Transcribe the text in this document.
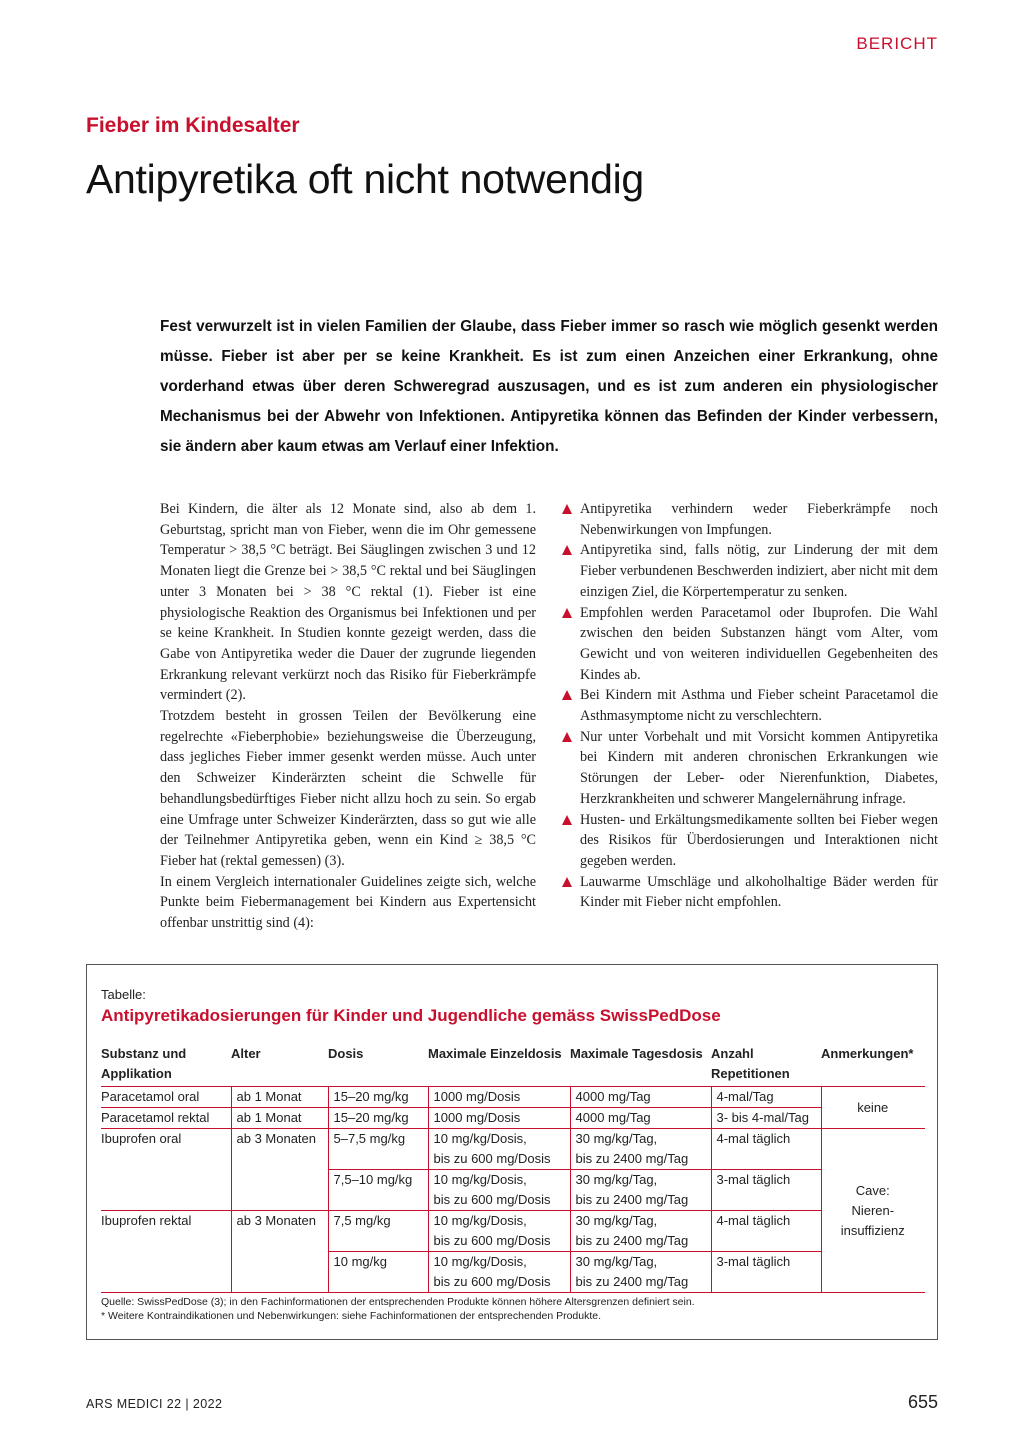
BERICHT
Fieber im Kindesalter
Antipyretika oft nicht notwendig

Fest verwurzelt ist in vielen Familien der Glaube, dass Fieber immer so rasch wie möglich gesenkt werden müsse. Fieber ist aber per se keine Krankheit. Es ist zum einen Anzeichen einer Erkrankung, ohne vorderhand etwas über deren Schweregrad auszusagen, und es ist zum anderen ein physiologischer Mechanismus bei der Abwehr von Infektionen. Antipyretika können das Befinden der Kinder verbessern, sie ändern aber kaum etwas am Verlauf einer Infektion.

Bei Kindern, die älter als 12 Monate sind, also ab dem 1. Geburtstag, spricht man von Fieber, wenn die im Ohr gemessene Temperatur > 38,5 °C beträgt. Bei Säuglingen zwischen 3 und 12 Monaten liegt die Grenze bei > 38,5 °C rektal und bei Säuglingen unter 3 Monaten bei > 38 °C rektal (1). Fieber ist eine physiologische Reaktion des Organismus bei Infektionen und per se keine Krankheit. In Studien konnte gezeigt werden, dass die Gabe von Antipyretika weder die Dauer der zugrunde liegenden Erkrankung relevant verkürzt noch das Risiko für Fieberkrämpfe vermindert (2).

Trotzdem besteht in grossen Teilen der Bevölkerung eine regelrechte «Fieberphobie» beziehungsweise die Überzeugung, dass jegliches Fieber immer gesenkt werden müsse. Auch unter den Schweizer Kinderärzten scheint die Schwelle für behandlungsbedürftiges Fieber nicht allzu hoch zu sein. So ergab eine Umfrage unter Schweizer Kinderärzten, dass so gut wie alle der Teilnehmer Antipyretika geben, wenn ein Kind ≥ 38,5 °C Fieber hat (rektal gemessen) (3).

In einem Vergleich internationaler Guidelines zeigte sich, welche Punkte beim Fiebermanagement bei Kindern aus Expertensicht offenbar unstrittig sind (4):

Antipyretika verhindern weder Fieberkrämpfe noch Nebenwirkungen von Impfungen.
Antipyretika sind, falls nötig, zur Linderung der mit dem Fieber verbundenen Beschwerden indiziert, aber nicht mit dem einzigen Ziel, die Körpertemperatur zu senken.
Empfohlen werden Paracetamol oder Ibuprofen. Die Wahl zwischen den beiden Substanzen hängt vom Alter, vom Gewicht und von weiteren individuellen Gegebenheiten des Kindes ab.
Bei Kindern mit Asthma und Fieber scheint Paracetamol die Asthmasymptome nicht zu verschlechtern.
Nur unter Vorbehalt und mit Vorsicht kommen Antipyretika bei Kindern mit anderen chronischen Erkrankungen wie Störungen der Leber- oder Nierenfunktion, Diabetes, Herzkrankheiten und schwerer Mangelernährung infrage.
Husten- und Erkältungsmedikamente sollten bei Fieber wegen des Risikos für Überdosierungen und Interaktionen nicht gegeben werden.
Lauwarme Umschläge und alkoholhaltige Bäder werden für Kinder mit Fieber nicht empfohlen.
Tabelle:
Antipyretikadosierungen für Kinder und Jugendliche gemäss SwissPedDose
Substanz und Applikation	Alter	Dosis	Maximale Einzeldosis	Maximale Tagesdosis	Anzahl Repetitionen	Anmerkungen*
Paracetamol oral	ab 1 Monat	15–20 mg/kg	1000 mg/Dosis	4000 mg/Tag	4-mal/Tag	keine
Paracetamol rektal	ab 1 Monat	15–20 mg/kg	1000 mg/Dosis	4000 mg/Tag	3- bis 4-mal/Tag	
Ibuprofen oral	ab 3 Monaten	5–7,5 mg/kg	10 mg/kg/Dosis,
bis zu 600 mg/Dosis	30 mg/kg/Tag,
bis zu 2400 mg/Tag	4-mal täglich	Cave:
Nieren-
insuffizienz
		7,5–10 mg/kg	10 mg/kg/Dosis,
bis zu 600 mg/Dosis	30 mg/kg/Tag,
bis zu 2400 mg/Tag	3-mal täglich	
Ibuprofen rektal	ab 3 Monaten	7,5 mg/kg	10 mg/kg/Dosis,
bis zu 600 mg/Dosis	30 mg/kg/Tag,
bis zu 2400 mg/Tag	4-mal täglich	
		10 mg/kg	10 mg/kg/Dosis,
bis zu 600 mg/Dosis	30 mg/kg/Tag,
bis zu 2400 mg/Tag	3-mal täglich	
Quelle: SwissPedDose (3); in den Fachinformationen der entsprechenden Produkte können höhere Altersgrenzen definiert sein.
* Weitere Kontraindikationen und Nebenwirkungen: siehe Fachinformationen der entsprechenden Produkte.
ARS MEDICI 22 | 2022	655
